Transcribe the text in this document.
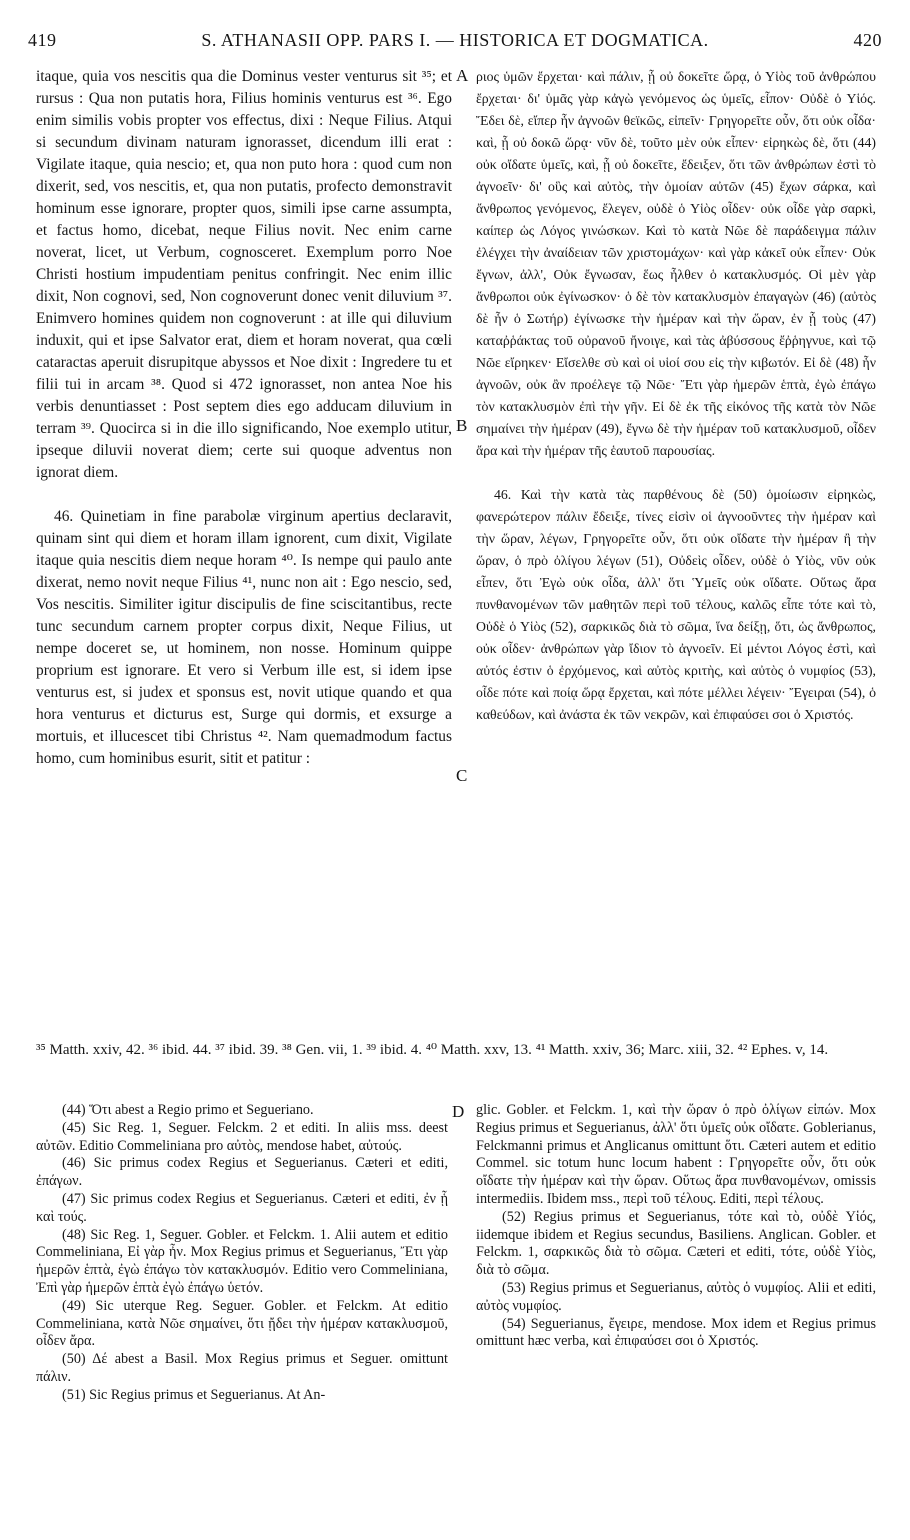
419	S. ATHANASII OPP. PARS I. — HISTORICA ET DOGMATICA.	420
A
B
C
D

itaque, quia vos nescitis qua die Dominus vester venturus sit ³⁵; et rursus : Qua non putatis hora, Filius hominis venturus est ³⁶. Ego enim similis vobis propter vos effectus, dixi : Neque Filius. Atqui si secundum divinam naturam ignorasset, dicendum illi erat : Vigilate itaque, quia nescio; et, qua non puto hora : quod cum non dixerit, sed, vos nescitis, et, qua non putatis, profecto demonstravit hominum esse ignorare, propter quos, simili ipse carne assumpta, et factus homo, dicebat, neque Filius novit. Nec enim carne noverat, licet, ut Verbum, cognosceret. Exemplum porro Noe Christi hostium impudentiam penitus confringit. Nec enim illic dixit, Non cognovi, sed, Non cognoverunt donec venit diluvium ³⁷. Enimvero homines quidem non cognoverunt : at ille qui diluvium induxit, qui et ipse Salvator erat, diem et horam noverat, qua cœli cataractas aperuit disrupitque abyssos et Noe dixit : Ingredere tu et filii tui in arcam ³⁸. Quod si 472 ignorasset, non antea Noe his verbis denuntiasset : Post septem dies ego adducam diluvium in terram ³⁹. Quocirca si in die illo significando, Noe exemplo utitur, ipseque diluvii noverat diem; certe sui quoque adventus non ignorat diem.

46. Quinetiam in fine parabolæ virginum apertius declaravit, quinam sint qui diem et horam illam ignorent, cum dixit, Vigilate itaque quia nescitis diem neque horam ⁴⁰. Is nempe qui paulo ante dixerat, nemo novit neque Filius ⁴¹, nunc non ait : Ego nescio, sed, Vos nescitis. Similiter igitur discipulis de fine sciscitantibus, recte tunc secundum carnem propter corpus dixit, Neque Filius, ut nempe doceret se, ut hominem, non nosse. Hominum quippe proprium est ignorare. Et vero si Verbum ille est, si idem ipse venturus est, si judex et sponsus est, novit utique quando et qua hora venturus et dicturus est, Surge qui dormis, et exsurge a mortuis, et illucescet tibi Christus ⁴². Nam quemadmodum factus homo, cum hominibus esurit, sitit et patitur :

ριος ὑμῶν ἔρχεται· καὶ πάλιν, ᾗ οὐ δοκεῖτε ὥρᾳ, ὁ Υἱὸς τοῦ ἀνθρώπου ἔρχεται· δι' ὑμᾶς γὰρ κἀγὼ γενόμενος ὡς ὑμεῖς, εἶπον· Οὐδὲ ὁ Υἱός. Ἔδει δὲ, εἴπερ ἦν ἀγνοῶν θεϊκῶς, εἰπεῖν· Γρηγορεῖτε οὖν, ὅτι οὐκ οἶδα· καὶ, ᾗ οὐ δοκῶ ὥρᾳ· νῦν δὲ, τοῦτο μὲν οὐκ εἶπεν· εἰρηκὼς δὲ, ὅτι (44) οὐκ οἴδατε ὑμεῖς, καὶ, ᾗ οὐ δοκεῖτε, ἔδειξεν, ὅτι τῶν ἀνθρώπων ἐστὶ τὸ ἀγνοεῖν· δι' οὓς καὶ αὐτὸς, τὴν ὁμοίαν αὐτῶν (45) ἔχων σάρκα, καὶ ἄνθρωπος γενόμενος, ἔλεγεν, οὐδὲ ὁ Υἱὸς οἶδεν· οὐκ οἶδε γὰρ σαρκὶ, καίπερ ὡς Λόγος γινώσκων. Καὶ τὸ κατὰ Νῶε δὲ παράδειγμα πάλιν ἐλέγχει τὴν ἀναίδειαν τῶν χριστομάχων· καὶ γὰρ κἀκεῖ οὐκ εἶπεν· Οὐκ ἔγνων, ἀλλ', Οὐκ ἔγνωσαν, ἕως ἦλθεν ὁ κατακλυσμός. Οἱ μὲν γὰρ ἄνθρωποι οὐκ ἐγίνωσκον· ὁ δὲ τὸν κατακλυσμὸν ἐπαγαγὼν (46) (αὐτὸς δὲ ἦν ὁ Σωτήρ) ἐγίνωσκε τὴν ἡμέραν καὶ τὴν ὥραν, ἐν ᾗ τοὺς (47) καταῤῥάκτας τοῦ οὐρανοῦ ἤνοιγε, καὶ τὰς ἀβύσσους ἔῤῥηγνυε, καὶ τῷ Νῶε εἴρηκεν· Εἴσελθε σὺ καὶ οἱ υἱοί σου εἰς τὴν κιβωτόν. Εἰ δὲ (48) ἦν ἀγνοῶν, οὐκ ἂν προέλεγε τῷ Νῶε· Ἔτι γὰρ ἡμερῶν ἑπτὰ, ἐγὼ ἐπάγω τὸν κατακλυσμὸν ἐπὶ τὴν γῆν. Εἰ δὲ ἐκ τῆς εἰκόνος τῆς κατὰ τὸν Νῶε σημαίνει τὴν ἡμέραν (49), ἔγνω δὲ τὴν ἡμέραν τοῦ κατακλυσμοῦ, οἶδεν ἄρα καὶ τὴν ἡμέραν τῆς ἑαυτοῦ παρουσίας.

46. Καὶ τὴν κατὰ τὰς παρθένους δὲ (50) ὁμοίωσιν εἰρηκὼς, φανερώτερον πάλιν ἔδειξε, τίνες εἰσὶν οἱ ἀγνοοῦντες τὴν ἡμέραν καὶ τὴν ὥραν, λέγων, Γρηγορεῖτε οὖν, ὅτι οὐκ οἴδατε τὴν ἡμέραν ἢ τὴν ὥραν, ὁ πρὸ ὀλίγου λέγων (51), Οὐδεὶς οἶδεν, οὐδὲ ὁ Υἱὸς, νῦν οὐκ εἶπεν, ὅτι Ἐγὼ οὐκ οἶδα, ἀλλ' ὅτι Ὑμεῖς οὐκ οἴδατε. Οὕτως ἄρα πυνθανομένων τῶν μαθητῶν περὶ τοῦ τέλους, καλῶς εἶπε τότε καὶ τὸ, Οὐδὲ ὁ Υἱὸς (52), σαρκικῶς διὰ τὸ σῶμα, ἵνα δείξῃ, ὅτι, ὡς ἄνθρωπος, οὐκ οἶδεν· ἀνθρώπων γὰρ ἴδιον τὸ ἀγνοεῖν. Εἰ μέντοι Λόγος ἐστὶ, καὶ αὐτός ἐστιν ὁ ἐρχόμενος, καὶ αὐτὸς κριτὴς, καὶ αὐτὸς ὁ νυμφίος (53), οἶδε πότε καὶ ποίᾳ ὥρᾳ ἔρχεται, καὶ πότε μέλλει λέγειν· Ἔγειραι (54), ὁ καθεύδων, καὶ ἀνάστα ἐκ τῶν νεκρῶν, καὶ ἐπιφαύσει σοι ὁ Χριστός.

³⁵ Matth. xxiv, 42. ³⁶ ibid. 44. ³⁷ ibid. 39. ³⁸ Gen. vii, 1. ³⁹ ibid. 4. ⁴⁰ Matth. xxv, 13. ⁴¹ Matth. xxiv, 36; Marc. xiii, 32. ⁴² Ephes. v, 14.

(44) Ὅτι abest a Regio primo et Seguerianο.

(45) Sic Reg. 1, Seguer. Felckm. 2 et editi. In aliis mss. deest αὐτῶν. Editio Commeliniana pro αὐτὸς, mendose habet, αὐτούς.

(46) Sic primus codex Regius et Seguerianus. Cæteri et editi, ἐπάγων.

(47) Sic primus codex Regius et Seguerianus. Cæteri et editi, ἐν ᾗ καὶ τούς.

(48) Sic Reg. 1, Seguer. Gobler. et Felckm. 1. Alii autem et editio Commeliniana, Εἰ γὰρ ἦν. Mox Regius primus et Seguerianus, Ἔτι γὰρ ἡμερῶν ἑπτὰ, ἐγὼ ἐπάγω τὸν κατακλυσμόν. Editio vero Commeliniana, Ἐπὶ γὰρ ἡμερῶν ἑπτὰ ἐγὼ ἐπάγω ὑετόν.

(49) Sic uterque Reg. Seguer. Gobler. et Felckm. At editio Commeliniana, κατὰ Νῶε σημαίνει, ὅτι ᾔδει τὴν ἡμέραν κατακλυσμοῦ, οἶδεν ἄρα.

(50) Δέ abest a Basil. Mox Regius primus et Seguer. omittunt πάλιν.

(51) Sic Regius primus et Seguerianus. At An-

glic. Gobler. et Felckm. 1, καὶ τὴν ὥραν ὁ πρὸ ὀλίγων εἰπών. Mox Regius primus et Seguerianus, ἀλλ' ὅτι ὑμεῖς οὐκ οἴδατε. Goblerianus, Felckmanni primus et Anglicanus omittunt ὅτι. Cæteri autem et editio Commel. sic totum hunc locum habent : Γρηγορεῖτε οὖν, ὅτι οὐκ οἴδατε τὴν ἡμέραν καὶ τὴν ὥραν. Οὕτως ἄρα πυνθανομένων, omissis intermediis. Ibidem mss., περὶ τοῦ τέλους. Editi, περὶ τέλους.

(52) Regius primus et Seguerianus, τότε καὶ τὸ, οὐδὲ Υἱός, iidemque ibidem et Regius secundus, Basiliens. Anglican. Gobler. et Felckm. 1, σαρκικῶς διὰ τὸ σῶμα. Cæteri et editi, τότε, οὐδὲ Υἱὸς, διὰ τὸ σῶμα.

(53) Regius primus et Seguerianus, αὐτὸς ὁ νυμφίος. Alii et editi, αὐτὸς νυμφίος.

(54) Seguerianus, ἔγειρε, mendose. Mox idem et Regius primus omittunt hæc verba, καὶ ἐπιφαύσει σοι ὁ Χριστός.
